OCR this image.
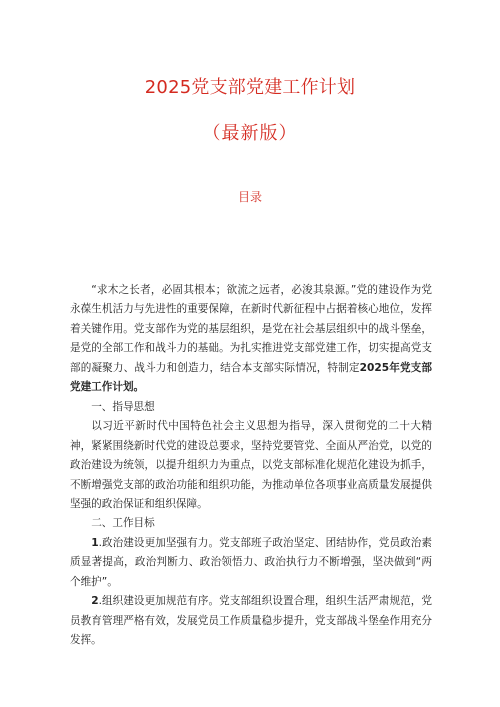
2025党支部党建工作计划
（最新版）
目录

“求木之长者，必固其根本；欲流之远者，必浚其泉源。”党的建设作为党永葆生机活力与先进性的重要保障，在新时代新征程中占据着核心地位，发挥着关键作用。党支部作为党的基层组织，是党在社会基层组织中的战斗堡垒，是党的全部工作和战斗力的基础。为扎实推进党支部党建工作，切实提高党支部的凝聚力、战斗力和创造力，结合本支部实际情况，特制定2025年党支部党建工作计划。

一、指导思想

以习近平新时代中国特色社会主义思想为指导，深入贯彻党的二十大精神，紧紧围绕新时代党的建设总要求，坚持党要管党、全面从严治党，以党的政治建设为统领，以提升组织力为重点，以党支部标准化规范化建设为抓手，不断增强党支部的政治功能和组织功能，为推动单位各项事业高质量发展提供坚强的政治保证和组织保障。

二、工作目标

1.政治建设更加坚强有力。党支部班子政治坚定、团结协作，党员政治素质显著提高，政治判断力、政治领悟力、政治执行力不断增强，坚决做到“两个维护”。

2.组织建设更加规范有序。党支部组织设置合理，组织生活严肃规范，党员教育管理严格有效，发展党员工作质量稳步提升，党支部战斗堡垒作用充分发挥。
